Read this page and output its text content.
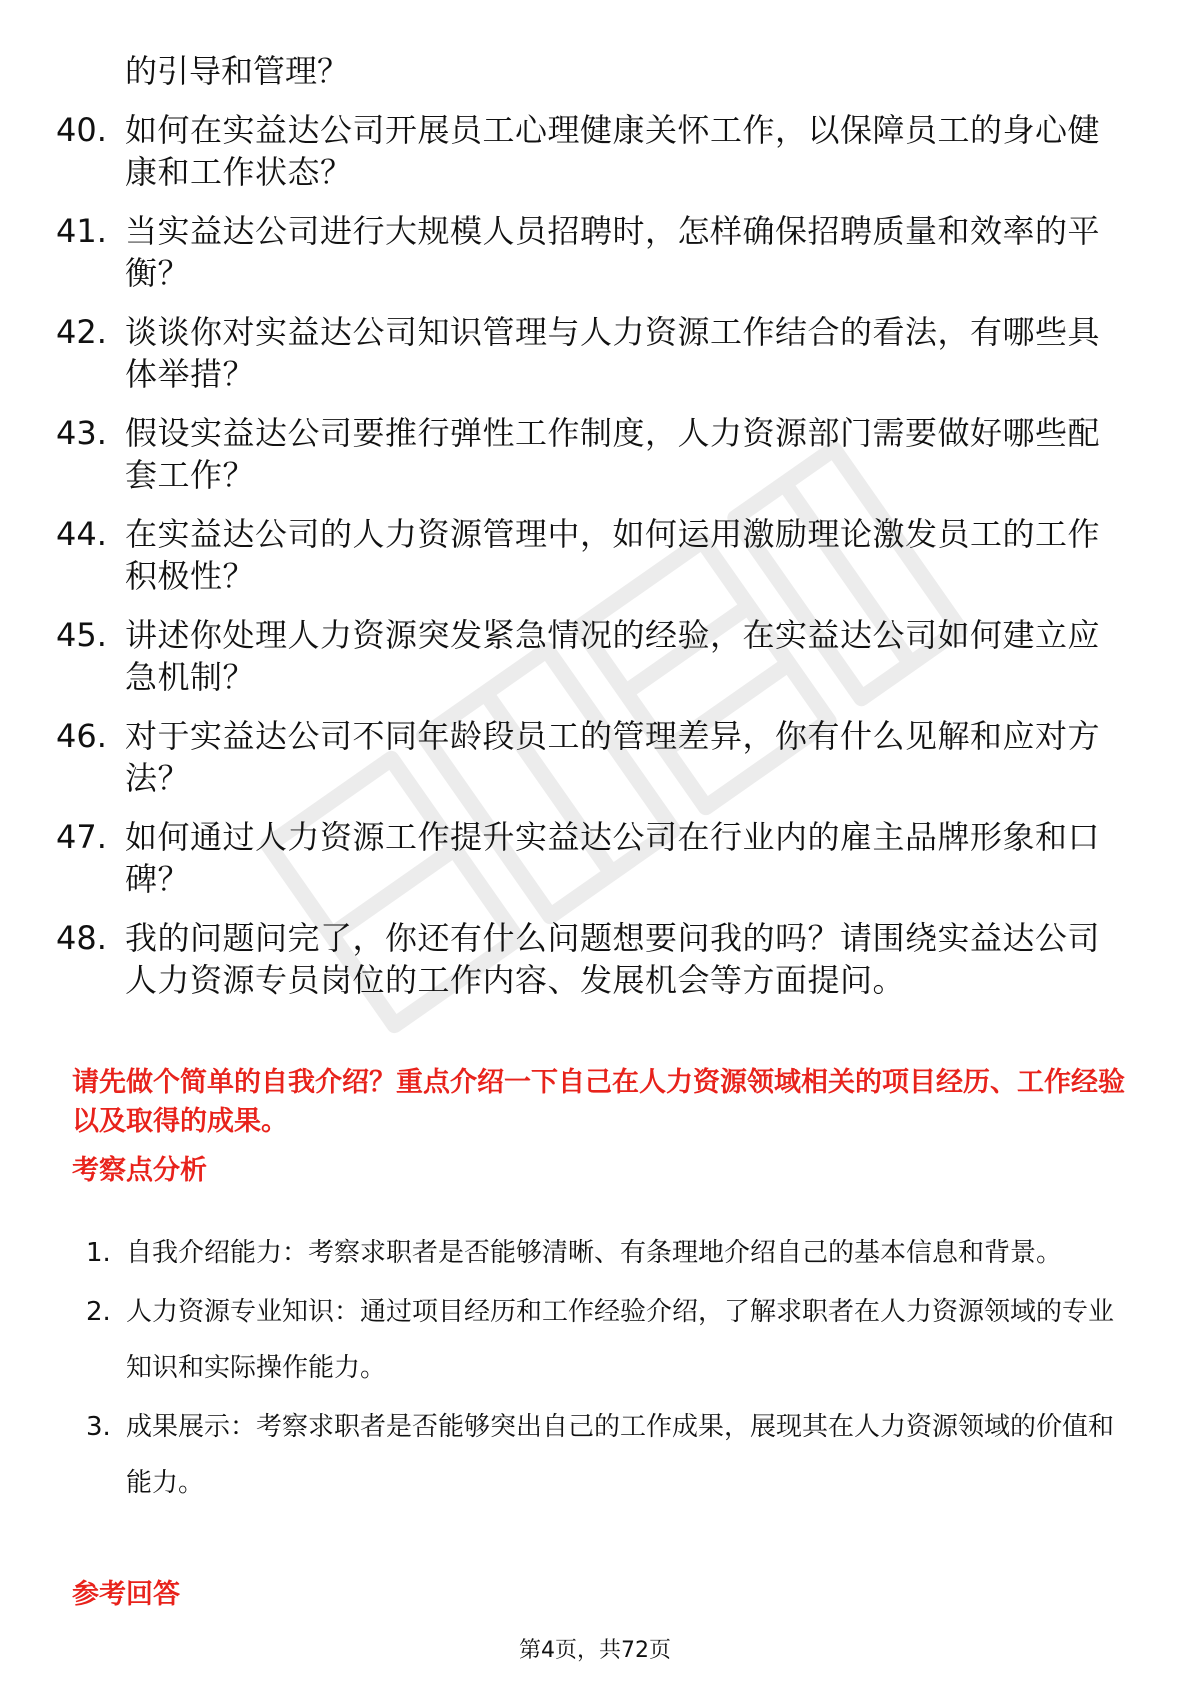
的引导和管理？
40. 如何在实益达公司开展员工心理健康关怀工作，以保障员工的身心健康和工作状态？
41. 当实益达公司进行大规模人员招聘时，怎样确保招聘质量和效率的平衡？
42. 谈谈你对实益达公司知识管理与人力资源工作结合的看法，有哪些具体举措？
43. 假设实益达公司要推行弹性工作制度，人力资源部门需要做好哪些配套工作？
44. 在实益达公司的人力资源管理中，如何运用激励理论激发员工的工作积极性？
45. 讲述你处理人力资源突发紧急情况的经验，在实益达公司如何建立应急机制？
46. 对于实益达公司不同年龄段员工的管理差异，你有什么见解和应对方法？
47. 如何通过人力资源工作提升实益达公司在行业内的雇主品牌形象和口碑？
48. 我的问题问完了，你还有什么问题想要问我的吗？请围绕实益达公司人力资源专员岗位的工作内容、发展机会等方面提问。
请先做个简单的自我介绍？重点介绍一下自己在人力资源领域相关的项目经历、工作经验以及取得的成果。
考察点分析
1. 自我介绍能力：考察求职者是否能够清晰、有条理地介绍自己的基本信息和背景。
2. 人力资源专业知识：通过项目经历和工作经验介绍，了解求职者在人力资源领域的专业知识和实际操作能力。
3. 成果展示：考察求职者是否能够突出自己的工作成果，展现其在人力资源领域的价值和能力。
参考回答
第4页，共72页
